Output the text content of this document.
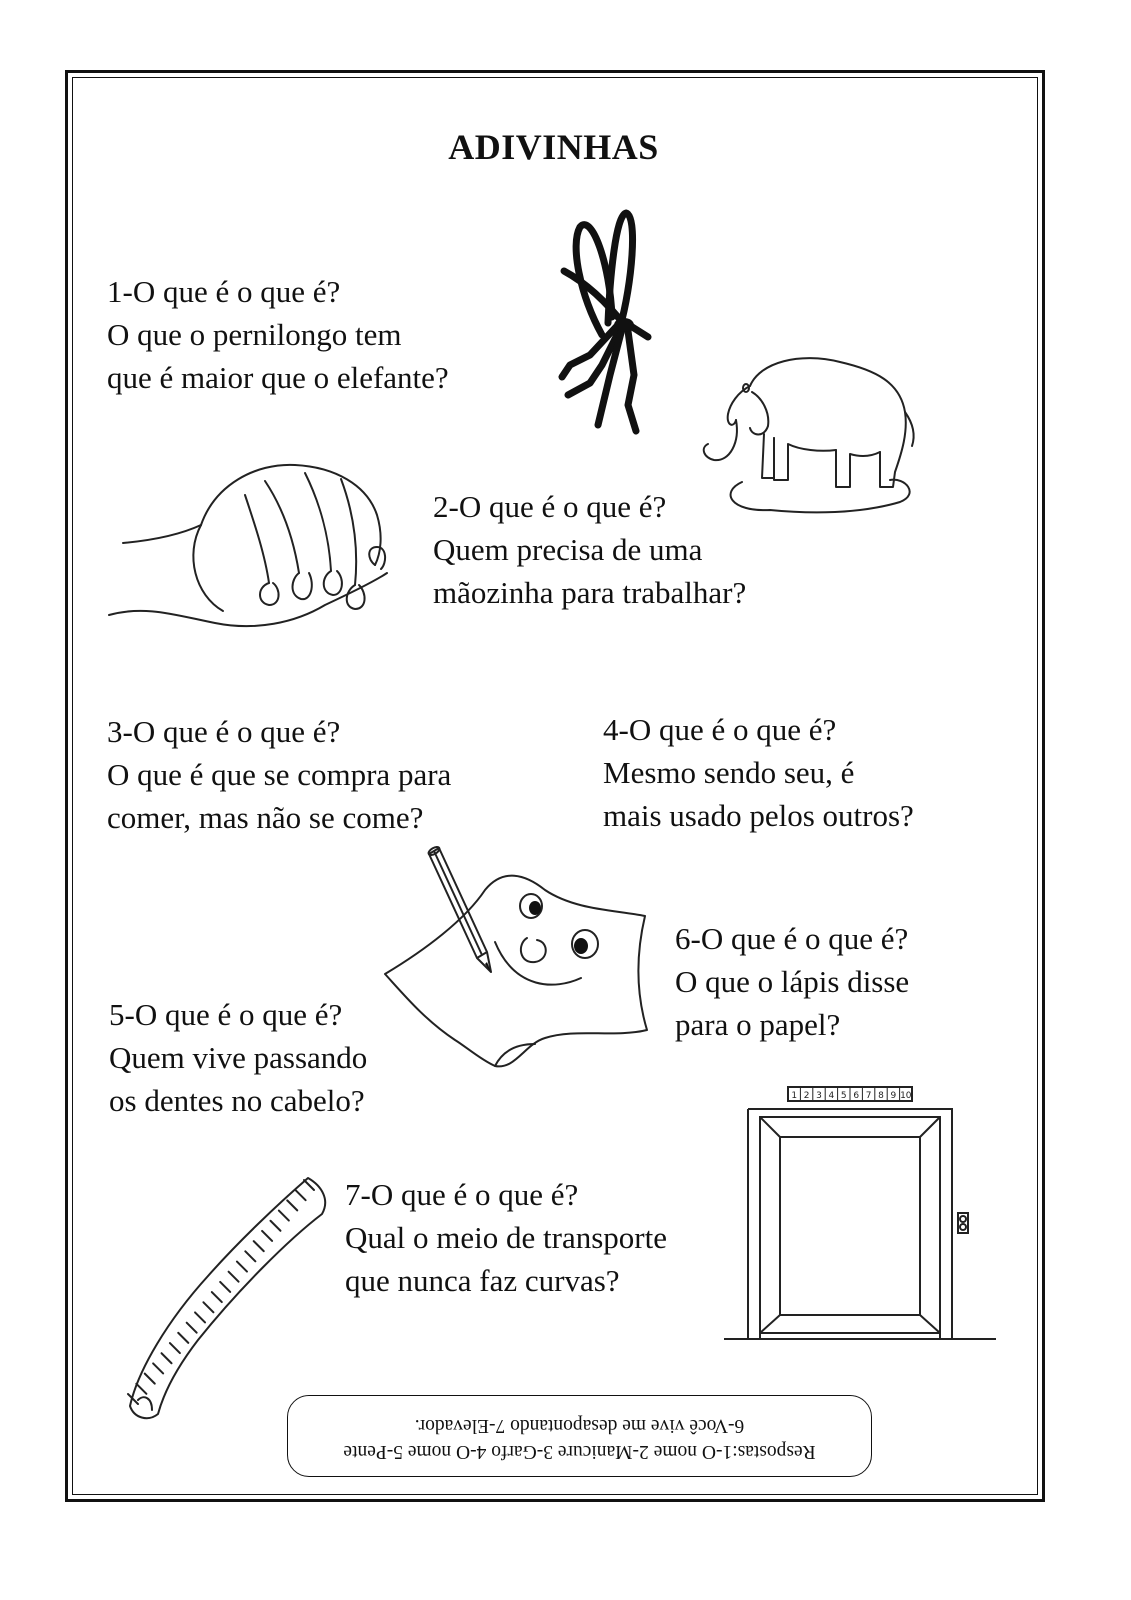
ADIVINHAS
1-O que é o que é?
O que o pernilongo tem
que é maior que o elefante?
2-O que é o que é?
Quem precisa de uma
mãozinha para trabalhar?
3-O que é o que é?
O que é que se compra para
comer, mas não se come?
4-O que é o que é?
Mesmo sendo seu, é
mais usado pelos outros?
5-O que é o que é?
Quem vive passando
os dentes no cabelo?
6-O que é o que é?
O que o lápis disse
para o papel?
7-O que é o que é?
Qual o meio de transporte
que nunca faz curvas?
1 2 3 4 5 6 7 8 9 10
Respostas:1-O nome 2-Manicure 3-Garfo 4-O nome 5-Pente
6-Você vive me desapontando 7-Elevador.
